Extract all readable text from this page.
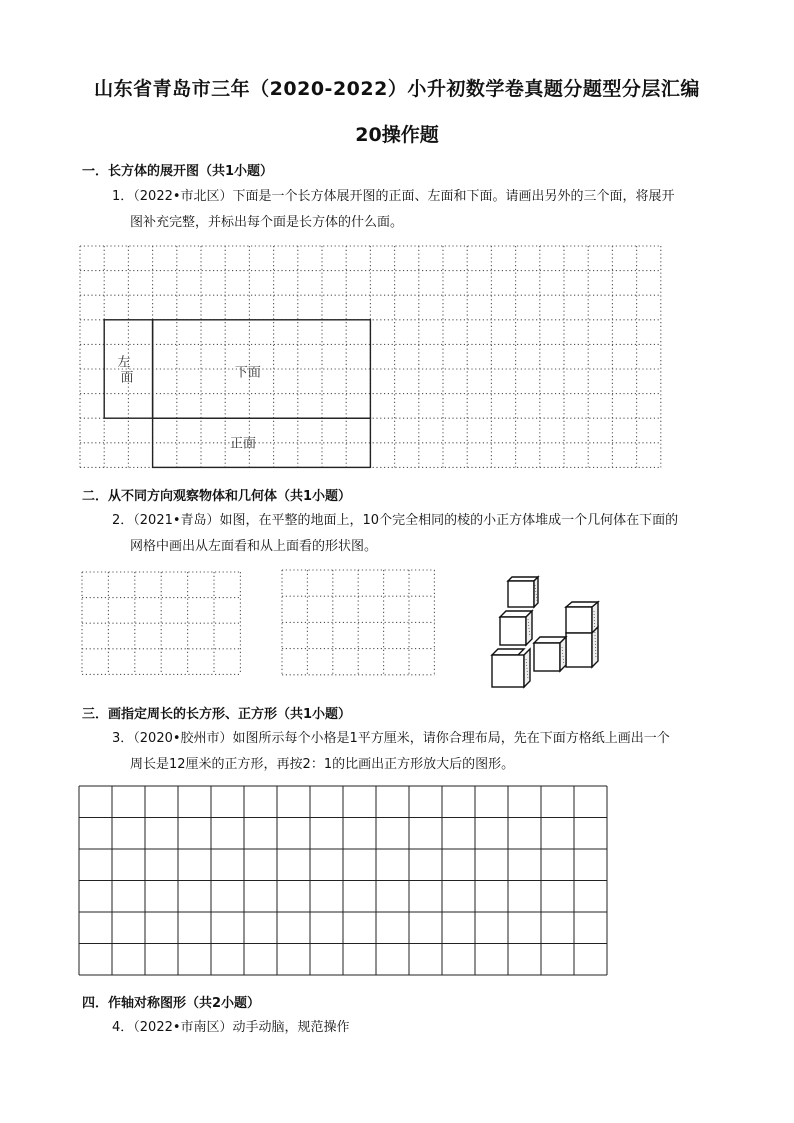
山东省青岛市三年（2020-2022）小升初数学卷真题分题型分层汇编
20操作题
一．长方体的展开图（共1小题）
1．（2022•市北区）下面是一个长方体展开图的正面、左面和下面。请画出另外的三个面，将展开
图补充完整，并标出每个面是长方体的什么面。
左面	下面
正面
二．从不同方向观察物体和几何体（共1小题）
2．（2021•青岛）如图，在平整的地面上，10个完全相同的棱的小正方体堆成一个几何体在下面的
网格中画出从左面看和从上面看的形状图。
三．画指定周长的长方形、正方形（共1小题）
3．（2020•胶州市）如图所示每个小格是1平方厘米，请你合理布局，先在下面方格纸上画出一个
周长是12厘米的正方形，再按2：1的比画出正方形放大后的图形。
四．作轴对称图形（共2小题）
4．（2022•市南区）动手动脑，规范操作
